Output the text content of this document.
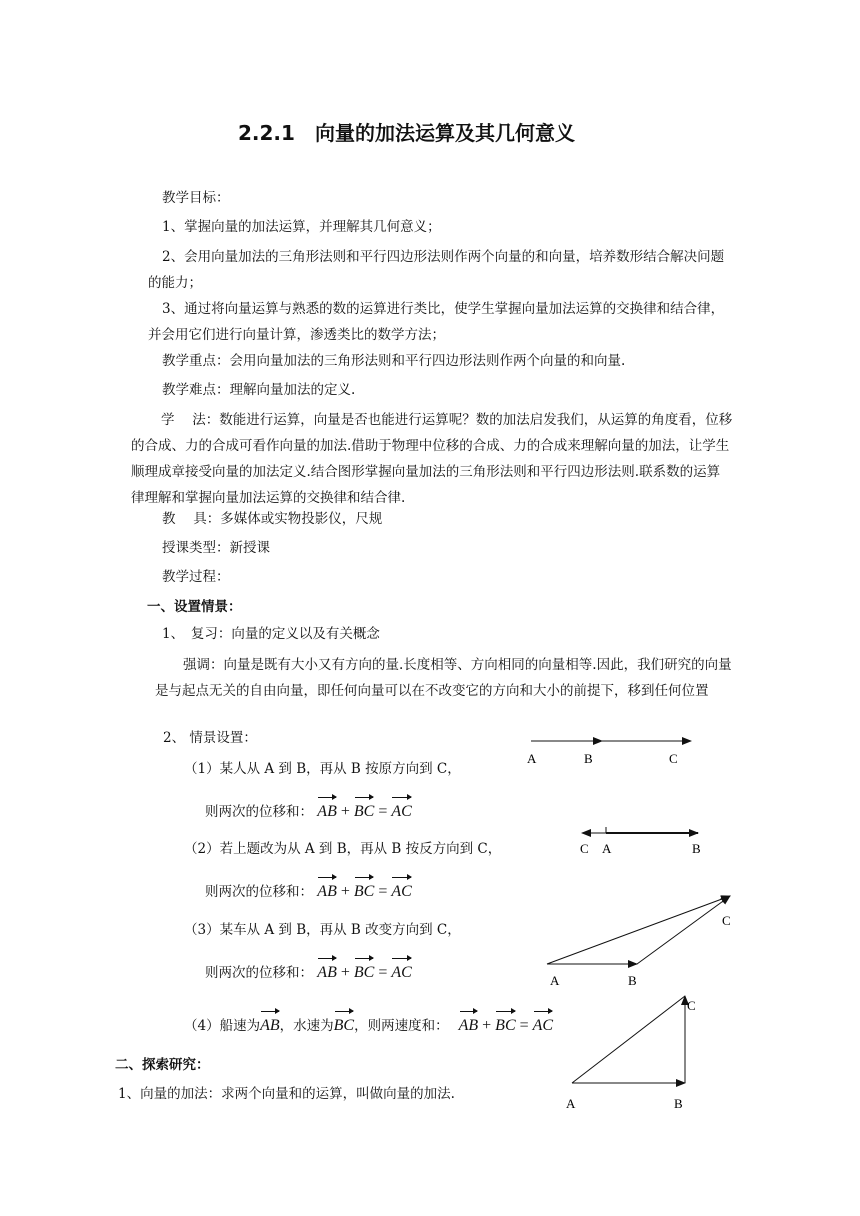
2.2.1　向量的加法运算及其几何意义
教学目标：
1、掌握向量的加法运算，并理解其几何意义；
2、会用向量加法的三角形法则和平行四边形法则作两个向量的和向量，培养数形结合解决问题的能力；
3、通过将向量运算与熟悉的数的运算进行类比，使学生掌握向量加法运算的交换律和结合律，并会用它们进行向量计算，渗透类比的数学方法；
教学重点：会用向量加法的三角形法则和平行四边形法则作两个向量的和向量.
教学难点：理解向量加法的定义.
学　 法：数能进行运算，向量是否也能进行运算呢？数的加法启发我们，从运算的角度看，位移的合成、力的合成可看作向量的加法.借助于物理中位移的合成、力的合成来理解向量的加法，让学生顺理成章接受向量的加法定义.结合图形掌握向量加法的三角形法则和平行四边形法则.联系数的运算律理解和掌握向量加法运算的交换律和结合律.
教　 具：多媒体或实物投影仪，尺规
授课类型：新授课
教学过程：
一、设置情景：
1、　复习：向量的定义以及有关概念
强调：向量是既有大小又有方向的量.长度相等、方向相同的向量相等.因此，我们研究的向量是与起点无关的自由向量，即任何向量可以在不改变它的方向和大小的前提下，移到任何位置
2、 情景设置：
（1）某人从 A 到 B，再从 B 按原方向到 C，
则两次的位移和： AB + BC = AC
（2）若上题改为从 A 到 B，再从 B 按反方向到 C，
则两次的位移和： AB + BC = AC
（3）某车从 A 到 B，再从 B 改变方向到 C，
则两次的位移和： AB + BC = AC
（4）船速为AB，水速为BC，则两速度和： AB + BC = AC
二、探索研究：
1、向量的加法：求两个向量和的运算，叫做向量的加法.
A	B	C
C A	B
A	B
C
A	B
C
